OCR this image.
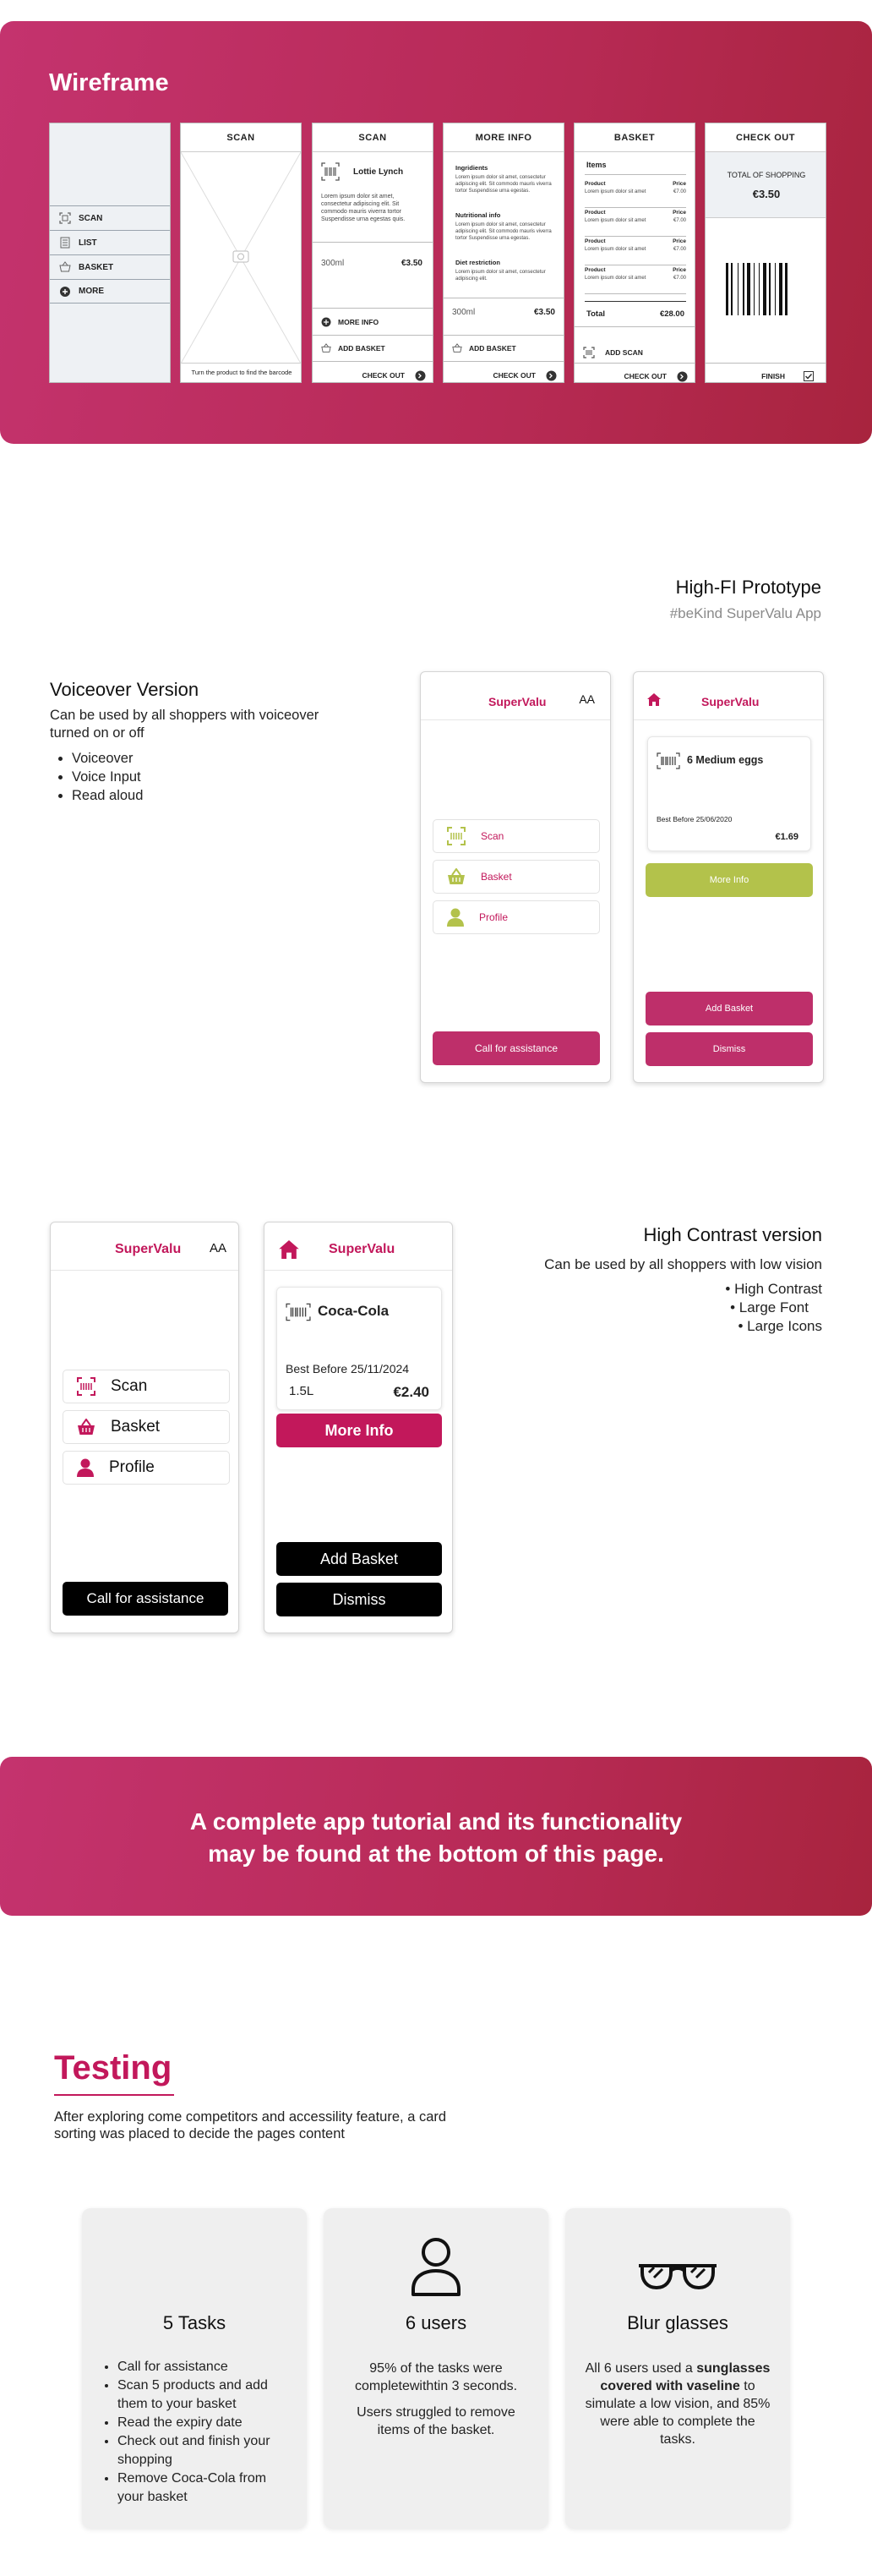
Wireframe
SCAN
LIST
BASKET
MORE
SCAN
Turn the product to find the barcode
SCAN
Lottie Lynch
Lorem ipsum dolor sit amet, consectetur adipiscing elit. Sit commodo mauris viverra tortor Suspendisse urna egestas quis.
300ml	€3.50
MORE INFO
ADD BASKET
CHECK OUT
MORE INFO
Ingridients
Lorem ipsum dolor sit amet, consectetur adipiscing elit. Sit commodo mauris viverra tortor Suspendisse urna egestas.
Nutritional info
Lorem ipsum dolor sit amet, consectetur adipiscing elit. Sit commodo mauris viverra tortor Suspendisse urna egestas.
Diet restriction
Lorem ipsum dolor sit amet, consectetur adipiscing elit.
300ml	€3.50
ADD BASKET
CHECK OUT
BASKET
Items
Product	Price
Lorem ipsum dolor sit amet	€7.00
Product	Price
Lorem ipsum dolor sit amet	€7.00
Product	Price
Lorem ipsum dolor sit amet	€7.00
Product	Price
Lorem ipsum dolor sit amet	€7.00
Total	€28.00
ADD SCAN
CHECK OUT
CHECK OUT
TOTAL OF SHOPPING
€3.50
FINISH
High-FI Prototype
#beKind SuperValu App
Voiceover Version
Can be used by all shoppers with voiceover turned on or off
• Voiceover
• Voice Input
• Read aloud
SuperValu	AA
Scan
Basket
Profile
Call for assistance
SuperValu
6 Medium eggs
Best Before 25/06/2020
€1.69
More Info
Add Basket
Dismiss
SuperValu AA
Scan
Basket
Profile
Call for assistance
SuperValu
Coca-Cola
Best Before 25/11/2024
1.5L	€2.40
More Info
Add Basket
Dismiss
High Contrast version
Can be used by all shoppers with low vision
• High Contrast
• Large Font
• Large Icons
A complete app tutorial and its functionality
may be found at the bottom of this page.
Testing
After exploring come competitors and accessility feature, a card sorting was placed to decide the pages content
5 Tasks
• Call for assistance
• Scan 5 products and add them to your basket
• Read the expiry date
• Check out and finish your shopping
• Remove Coca-Cola from your basket
6 users

95% of the tasks were completewithtin 3 seconds.

Users struggled to remove items of the basket.

Blur glasses

All 6 users used a sunglasses covered with vaseline to simulate a low vision, and 85% were able to complete the tasks.
